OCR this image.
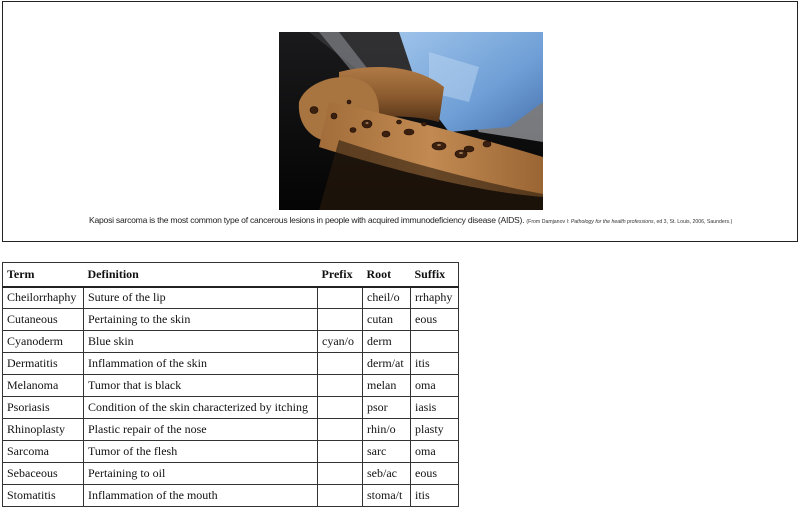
Kaposi sarcoma is the most common type of cancerous lesions in people with acquired immunodeficiency disease (AIDS). (From Damjanov I: Pathology for the health professions, ed 3, St. Louis, 2006, Saunders.)
Term	Definition	Prefix	Root	Suffix
Cheilorrhaphy	Suture of the lip		cheil/o	rrhaphy
Cutaneous	Pertaining to the skin		cutan	eous
Cyanoderm	Blue skin	cyan/o	derm	
Dermatitis	Inflammation of the skin		derm/at	itis
Melanoma	Tumor that is black		melan	oma
Psoriasis	Condition of the skin characterized by itching		psor	iasis
Rhinoplasty	Plastic repair of the nose		rhin/o	plasty
Sarcoma	Tumor of the flesh		sarc	oma
Sebaceous	Pertaining to oil		seb/ac	eous
Stomatitis	Inflammation of the mouth		stoma/t	itis
